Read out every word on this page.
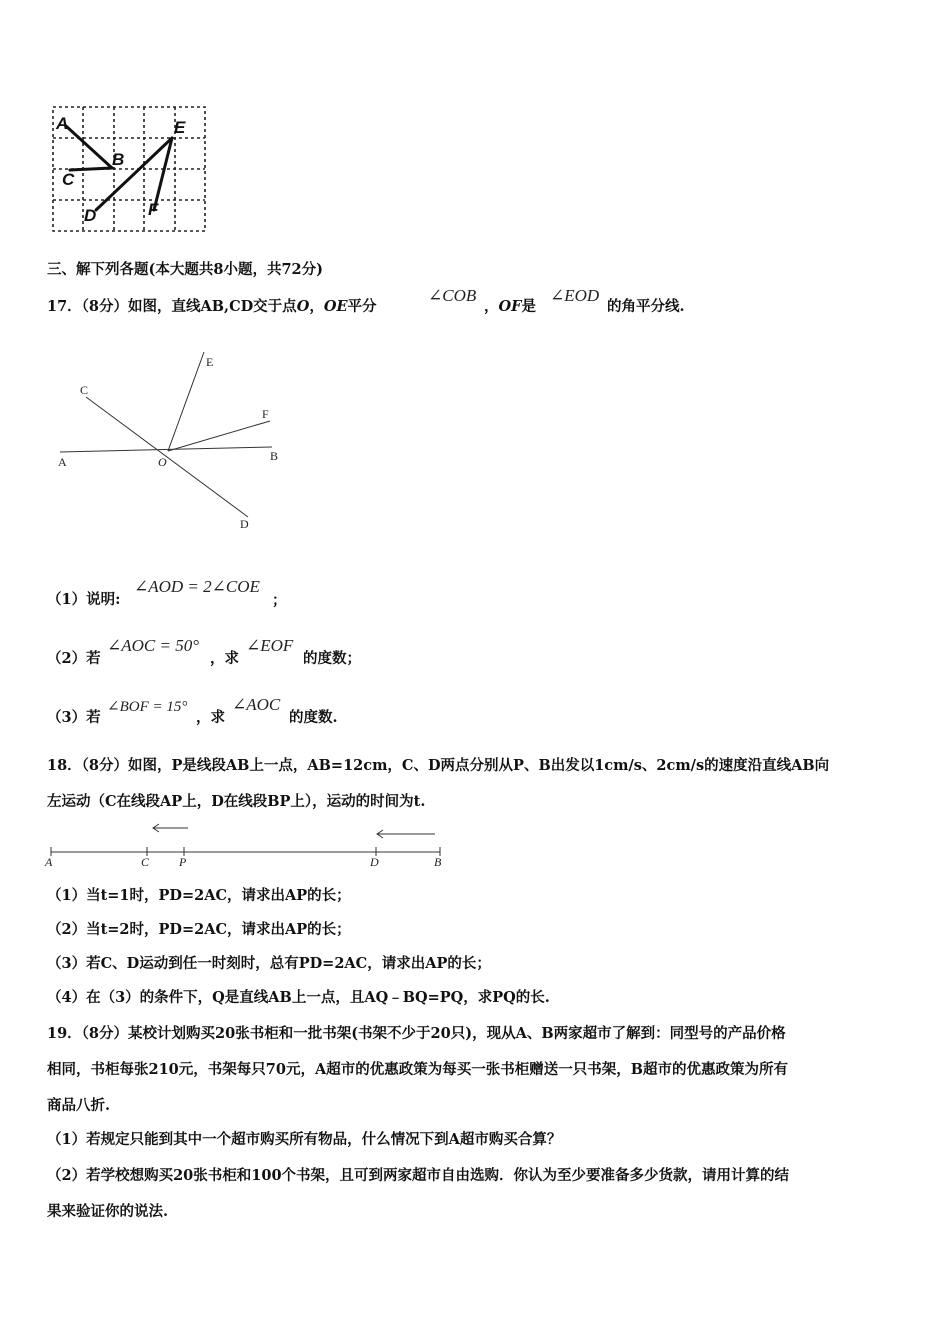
A
B
C
D
E
F
三、解下列各题(本大题共8小题，共72分)
17．（8分）如图，直线AB,CD交于点O，OE平分
∠COB
，OF是
∠EOD
的角平分线.
E
C
F
A	O	B
D
（1）说明:
∠AOD = 2∠COE
；
（2）若
∠AOC = 50°
，求
∠EOF
的度数；
（3）若
∠BOF = 15°
，求
∠AOC
的度数.
18．（8分）如图，P是线段AB上一点，AB=12cm，C、D两点分别从P、B出发以1cm/s、2cm/s的速度沿直线AB向
左运动（C在线段AP上，D在线段BP上），运动的时间为t.
A	C P	D	B
（1）当t=1时，PD=2AC，请求出AP的长；
（2）当t=2时，PD=2AC，请求出AP的长；
（3）若C、D运动到任一时刻时，总有PD=2AC，请求出AP的长；
（4）在（3）的条件下，Q是直线AB上一点，且AQ﹣BQ=PQ，求PQ的长.
19．（8分）某校计划购买20张书柜和一批书架(书架不少于20只)，现从A、B两家超市了解到：同型号的产品价格
相同，书柜每张210元，书架每只70元，A超市的优惠政策为每买一张书柜赠送一只书架，B超市的优惠政策为所有
商品八折.
（1）若规定只能到其中一个超市购买所有物品，什么情况下到A超市购买合算？
（2）若学校想购买20张书柜和100个书架，且可到两家超市自由选购．你认为至少要准备多少货款，请用计算的结
果来验证你的说法.
